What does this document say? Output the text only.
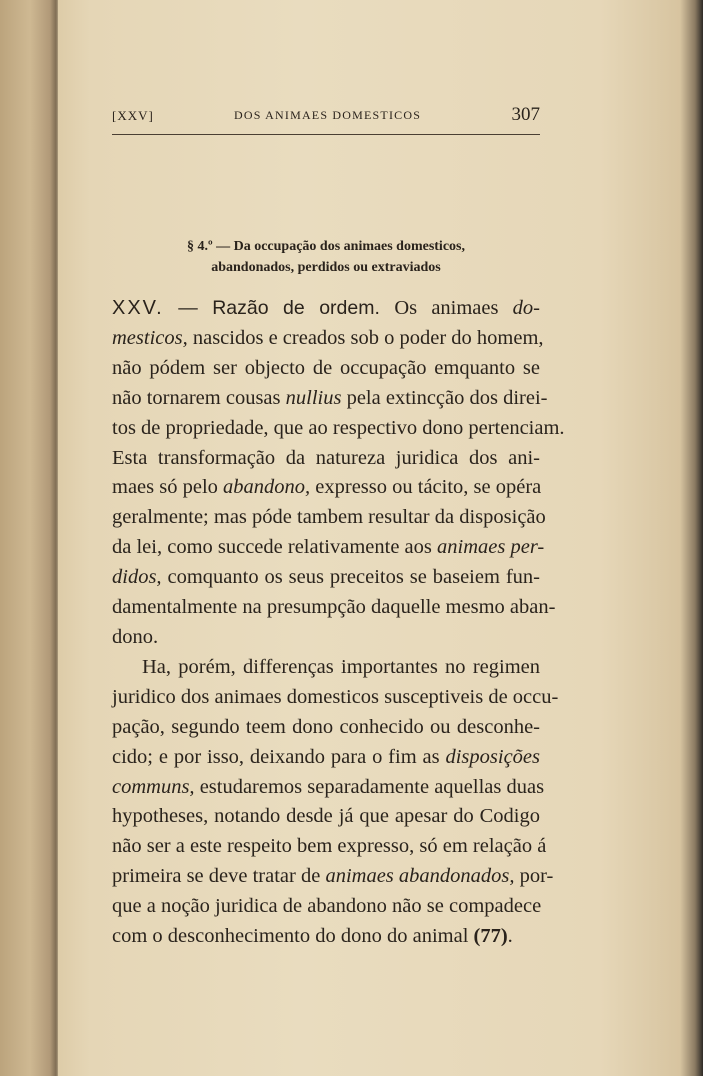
[XXV]	DOS ANIMAES DOMESTICOS	307
§ 4.º — Da occupação dos animaes domesticos,
abandonados, perdidos ou extraviados
XXV. — Razão de ordem. Os animaes do-
mesticos, nascidos e creados sob o poder do homem,
não pódem ser objecto de occupação emquanto se
não tornarem cousas nullius pela extincção dos direi-
tos de propriedade, que ao respectivo dono pertenciam.
Esta transformação da natureza juridica dos ani-
maes só pelo abandono, expresso ou tácito, se opéra
geralmente; mas póde tambem resultar da disposição
da lei, como succede relativamente aos animaes per-
didos, comquanto os seus preceitos se baseiem fun-
damentalmente na presumpção daquelle mesmo aban-
dono.
Ha, porém, differenças importantes no regimen
juridico dos animaes domesticos susceptiveis de occu-
pação, segundo teem dono conhecido ou desconhe-
cido; e por isso, deixando para o fim as disposições
communs, estudaremos separadamente aquellas duas
hypotheses, notando desde já que apesar do Codigo
não ser a este respeito bem expresso, só em relação á
primeira se deve tratar de animaes abandonados, por-
que a noção juridica de abandono não se compadece
com o desconhecimento do dono do animal (77).
